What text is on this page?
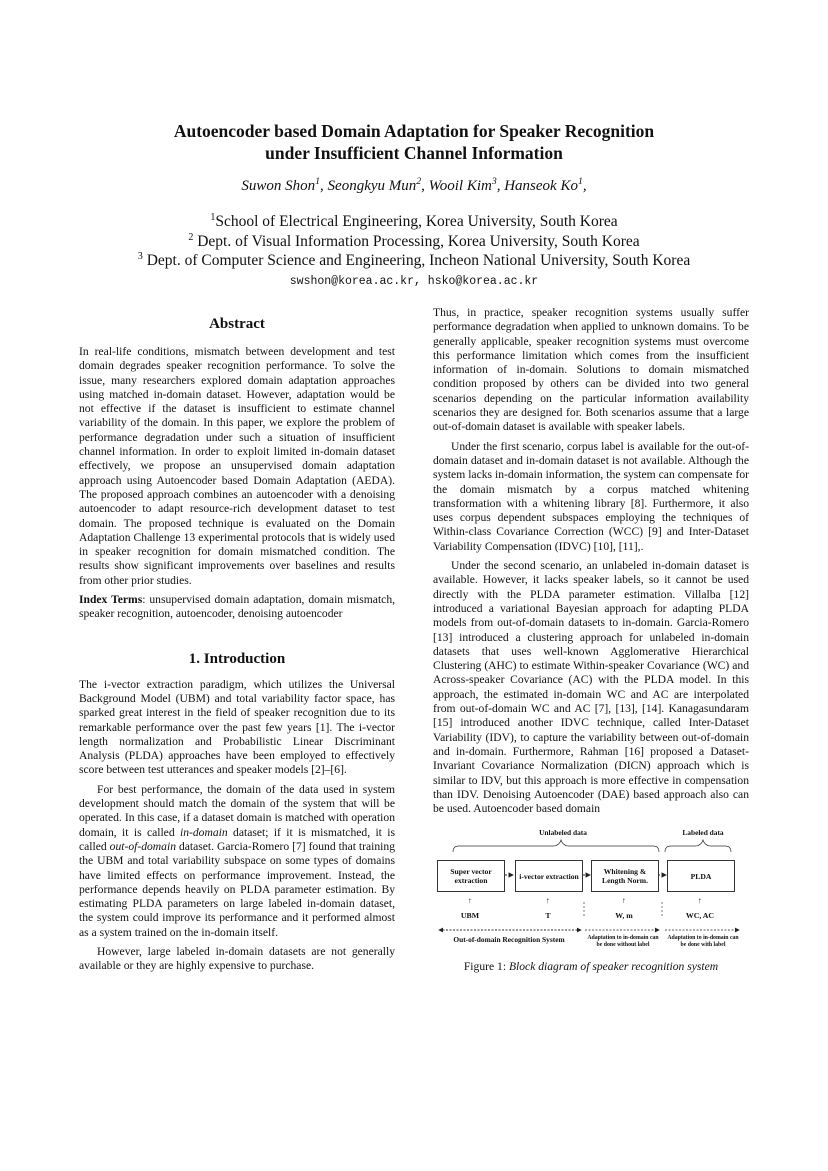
Autoencoder based Domain Adaptation for Speaker Recognition
under Insufficient Channel Information
Suwon Shon$^1$, Seongkyu Mun$^2$, Wooil Kim$^3$, Hanseok Ko$^1$,
$^1$School of Electrical Engineering, Korea University, South Korea
$^2$ Dept. of Visual Information Processing, Korea University, South Korea
$^3$ Dept. of Computer Science and Engineering, Incheon National University, South Korea
swshon@korea.ac.kr, hsko@korea.ac.kr
Abstract

In real-life conditions, mismatch between development and test domain degrades speaker recognition performance. To solve the issue, many researchers explored domain adaptation approaches using matched in-domain dataset. However, adaptation would be not effective if the dataset is insufficient to estimate channel variability of the domain. In this paper, we explore the problem of performance degradation under such a situation of insufficient channel information. In order to exploit limited in-domain dataset effectively, we propose an unsupervised domain adaptation approach using Autoencoder based Domain Adaptation (AEDA). The proposed approach combines an autoencoder with a denoising autoencoder to adapt resource-rich development dataset to test domain. The proposed technique is evaluated on the Domain Adaptation Challenge 13 experimental protocols that is widely used in speaker recognition for domain mismatched condition. The results show significant improvements over baselines and results from other prior studies.

Index Terms: unsupervised domain adaptation, domain mismatch, speaker recognition, autoencoder, denoising autoencoder

1. Introduction

The i-vector extraction paradigm, which utilizes the Universal Background Model (UBM) and total variability factor space, has sparked great interest in the field of speaker recognition due to its remarkable performance over the past few years [1]. The i-vector length normalization and Probabilistic Linear Discriminant Analysis (PLDA) approaches have been employed to effectively score between test utterances and speaker models [2]–[6].

For best performance, the domain of the data used in system development should match the domain of the system that will be operated. In this case, if a dataset domain is matched with operation domain, it is called in-domain dataset; if it is mismatched, it is called out-of-domain dataset. Garcia-Romero [7] found that training the UBM and total variability subspace on some types of domains have limited effects on performance improvement. Instead, the performance depends heavily on PLDA parameter estimation. By estimating PLDA parameters on large labeled in-domain dataset, the system could improve its performance and it performed almost as a system trained on the in-domain itself.

However, large labeled in-domain datasets are not generally available or they are highly expensive to purchase.

Thus, in practice, speaker recognition systems usually suffer performance degradation when applied to unknown domains. To be generally applicable, speaker recognition systems must overcome this performance limitation which comes from the insufficient information of in-domain. Solutions to domain mismatched condition proposed by others can be divided into two general scenarios depending on the particular information availability scenarios they are designed for. Both scenarios assume that a large out-of-domain dataset is available with speaker labels.

Under the first scenario, corpus label is available for the out-of-domain dataset and in-domain dataset is not available. Although the system lacks in-domain information, the system can compensate for the domain mismatch by a corpus matched whitening transformation with a whitening library [8]. Furthermore, it also uses corpus dependent subspaces employing the techniques of Within-class Covariance Correction (WCC) [9] and Inter-Dataset Variability Compensation (IDVC) [10], [11],.

Under the second scenario, an unlabeled in-domain dataset is available. However, it lacks speaker labels, so it cannot be used directly with the PLDA parameter estimation. Villalba [12] introduced a variational Bayesian approach for adapting PLDA models from out-of-domain datasets to in-domain. Garcia-Romero [13] introduced a clustering approach for unlabeled in-domain datasets that uses well-known Agglomerative Hierarchical Clustering (AHC) to estimate Within-speaker Covariance (WC) and Across-speaker Covariance (AC) with the PLDA model. In this approach, the estimated in-domain WC and AC are interpolated from out-of-domain WC and AC [7], [13], [14]. Kanagasundaram [15] introduced another IDVC technique, called Inter-Dataset Variability (IDV), to capture the variability between out-of-domain and in-domain. Furthermore, Rahman [16] proposed a Dataset-Invariant Covariance Normalization (DICN) approach which is similar to IDV, but this approach is more effective in compensation than IDV. Denoising Autoencoder (DAE) based approach also can be used. Autoencoder based domain

Unlabeled data	Labeled data
Super vector extraction
i-vector extraction
Whitening & Length Norm.
PLDA
↑
UBM
↑
T
↑
W, m
↑
WC, AC
Out-of-domain Recognition System	Adaptation to in-domain can be done without label
Adaptation to in-domain can be done with label
Figure 1: Block diagram of speaker recognition system
